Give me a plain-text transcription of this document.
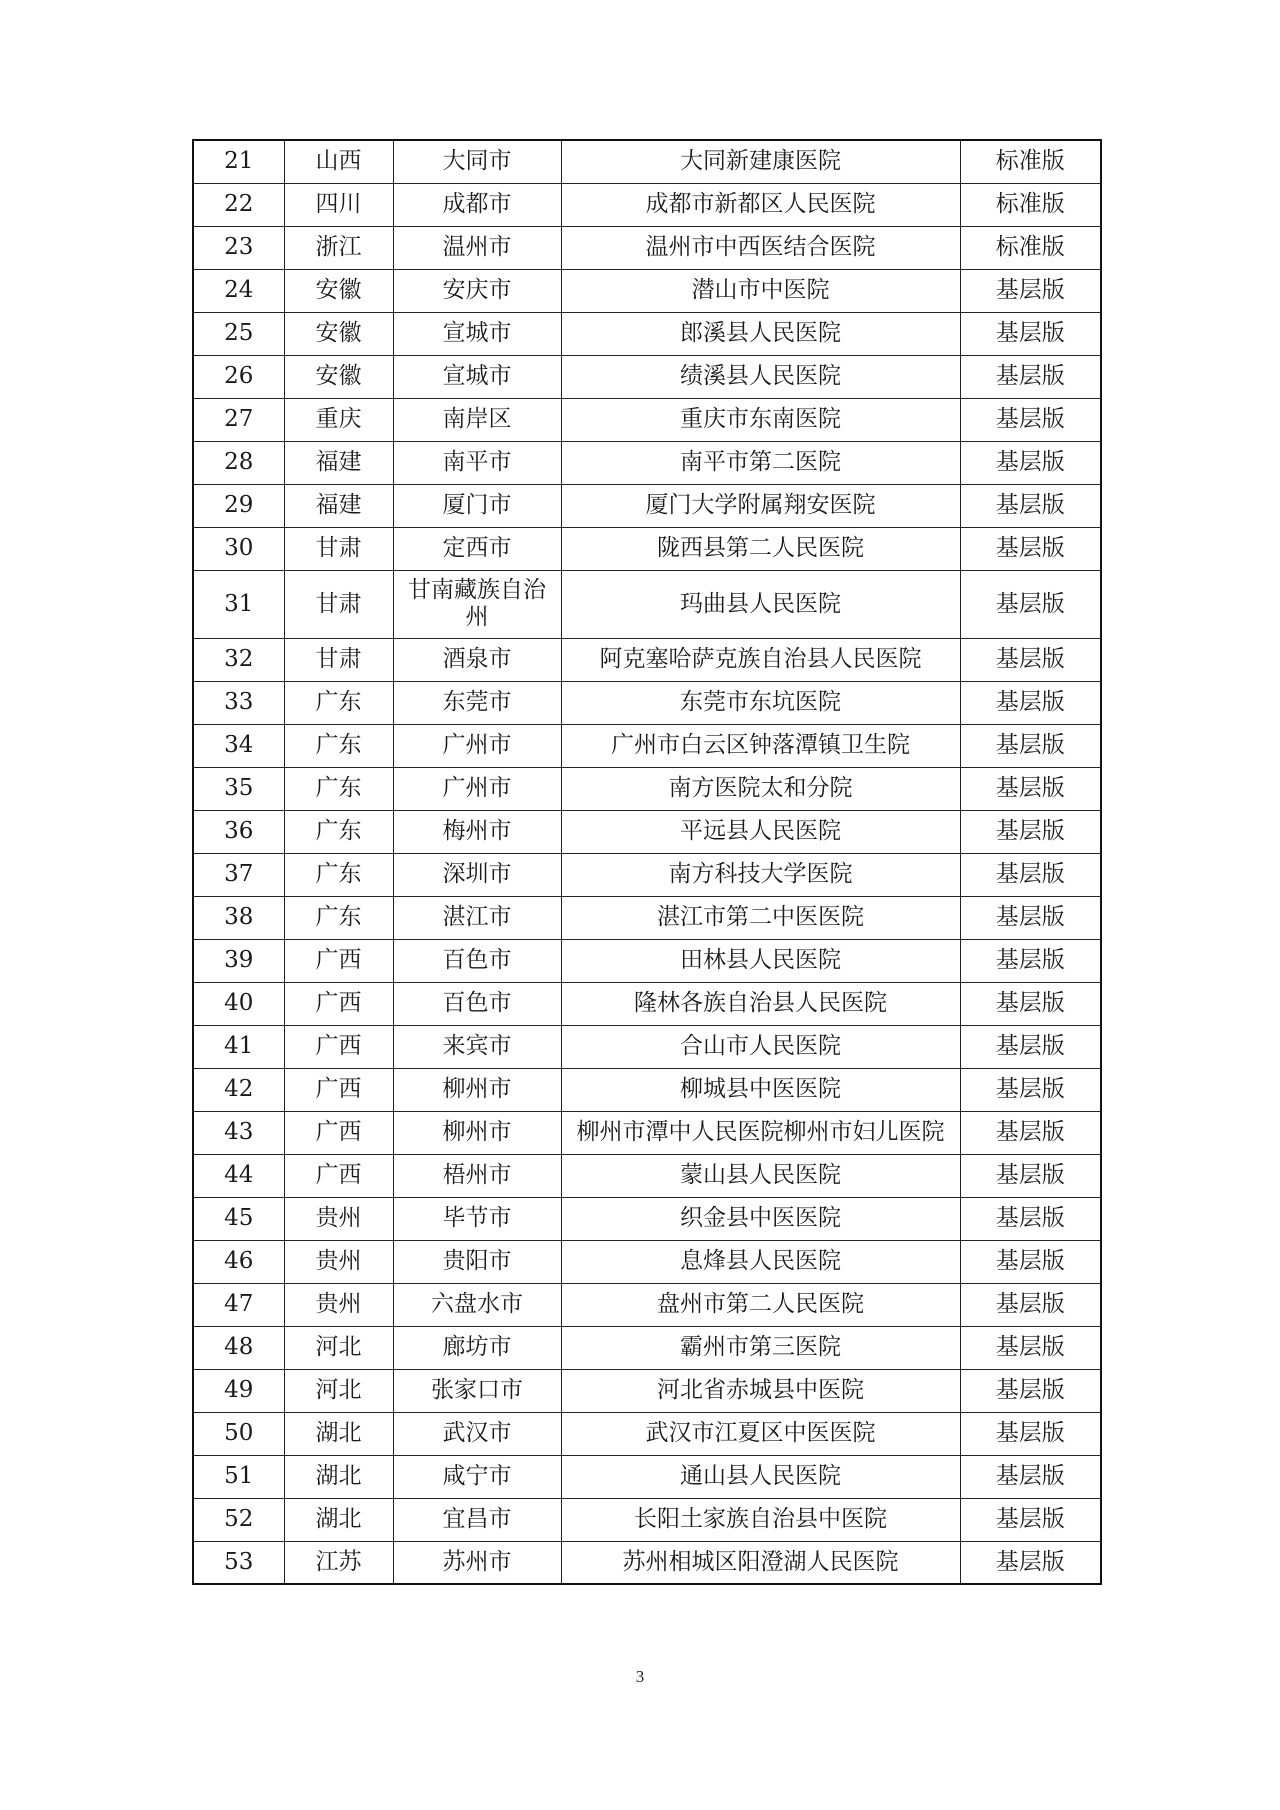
21	山西	大同市	大同新建康医院	标准版
22	四川	成都市	成都市新都区人民医院	标准版
23	浙江	温州市	温州市中西医结合医院	标准版
24	安徽	安庆市	潜山市中医院	基层版
25	安徽	宣城市	郎溪县人民医院	基层版
26	安徽	宣城市	绩溪县人民医院	基层版
27	重庆	南岸区	重庆市东南医院	基层版
28	福建	南平市	南平市第二医院	基层版
29	福建	厦门市	厦门大学附属翔安医院	基层版
30	甘肃	定西市	陇西县第二人民医院	基层版
31	甘肃	甘南藏族自治州	玛曲县人民医院	基层版
32	甘肃	酒泉市	阿克塞哈萨克族自治县人民医院	基层版
33	广东	东莞市	东莞市东坑医院	基层版
34	广东	广州市	广州市白云区钟落潭镇卫生院	基层版
35	广东	广州市	南方医院太和分院	基层版
36	广东	梅州市	平远县人民医院	基层版
37	广东	深圳市	南方科技大学医院	基层版
38	广东	湛江市	湛江市第二中医医院	基层版
39	广西	百色市	田林县人民医院	基层版
40	广西	百色市	隆林各族自治县人民医院	基层版
41	广西	来宾市	合山市人民医院	基层版
42	广西	柳州市	柳城县中医医院	基层版
43	广西	柳州市	柳州市潭中人民医院柳州市妇儿医院	基层版
44	广西	梧州市	蒙山县人民医院	基层版
45	贵州	毕节市	织金县中医医院	基层版
46	贵州	贵阳市	息烽县人民医院	基层版
47	贵州	六盘水市	盘州市第二人民医院	基层版
48	河北	廊坊市	霸州市第三医院	基层版
49	河北	张家口市	河北省赤城县中医院	基层版
50	湖北	武汉市	武汉市江夏区中医医院	基层版
51	湖北	咸宁市	通山县人民医院	基层版
52	湖北	宜昌市	长阳土家族自治县中医院	基层版
53	江苏	苏州市	苏州相城区阳澄湖人民医院	基层版
3
